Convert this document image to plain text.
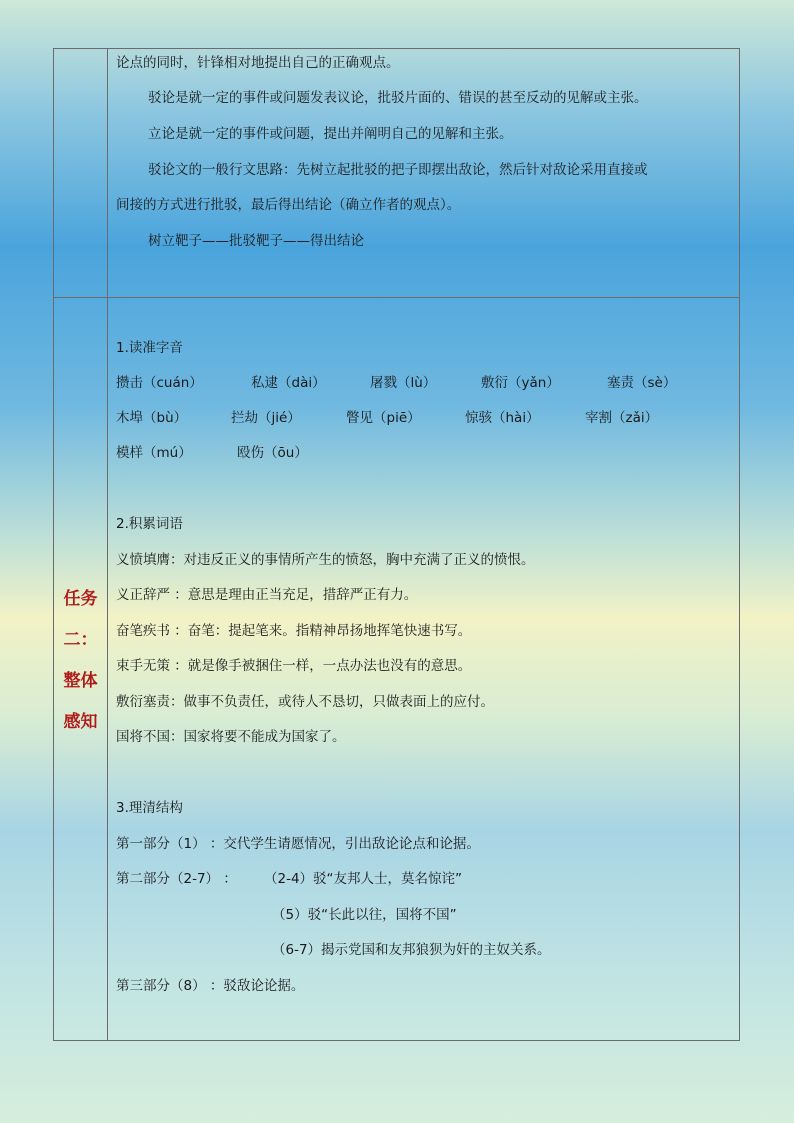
任务
二：
整体
感知
论点的同时，针锋相对地提出自己的正确观点。
驳论是就一定的事件或问题发表议论，批驳片面的、错误的甚至反动的见解或主张。
立论是就一定的事件或问题，提出并阐明自己的见解和主张。
驳论文的一般行文思路：先树立起批驳的把子即摆出敌论，然后针对敌论采用直接或
间接的方式进行批驳，最后得出结论（确立作者的观点）。
树立靶子——批驳靶子——得出结论
1.读准字音
攒击（cuán）	私逮（dài）	屠戮（lù）	敷衍（yǎn）	塞责（sè）
木埠（bù）	拦劫（jié）	瞥见（piē）	惊骇（hài）	宰割（zǎi）
模样（mú）	殴伤（ōu）
2.积累词语
义愤填膺：对违反正义的事情所产生的愤怒，胸中充满了正义的愤恨。
义正辞严 ：意思是理由正当充足，措辞严正有力。
奋笔疾书 ：奋笔：提起笔来。指精神昂扬地挥笔快速书写。
束手无策 ：就是像手被捆住一样，一点办法也没有的意思。
敷衍塞责：做事不负责任，或待人不恳切，只做表面上的应付。
国将不国：国家将要不能成为国家了。
3.理清结构
第一部分（1） ：交代学生请愿情况，引出敌论论点和论据。
第二部分（2-7） ： （2-4）驳“友邦人士，莫名惊诧”
（5）驳“长此以往，国将不国”
（6-7）揭示党国和友邦狼狈为奸的主奴关系。
第三部分（8） ：驳敌论论据。
